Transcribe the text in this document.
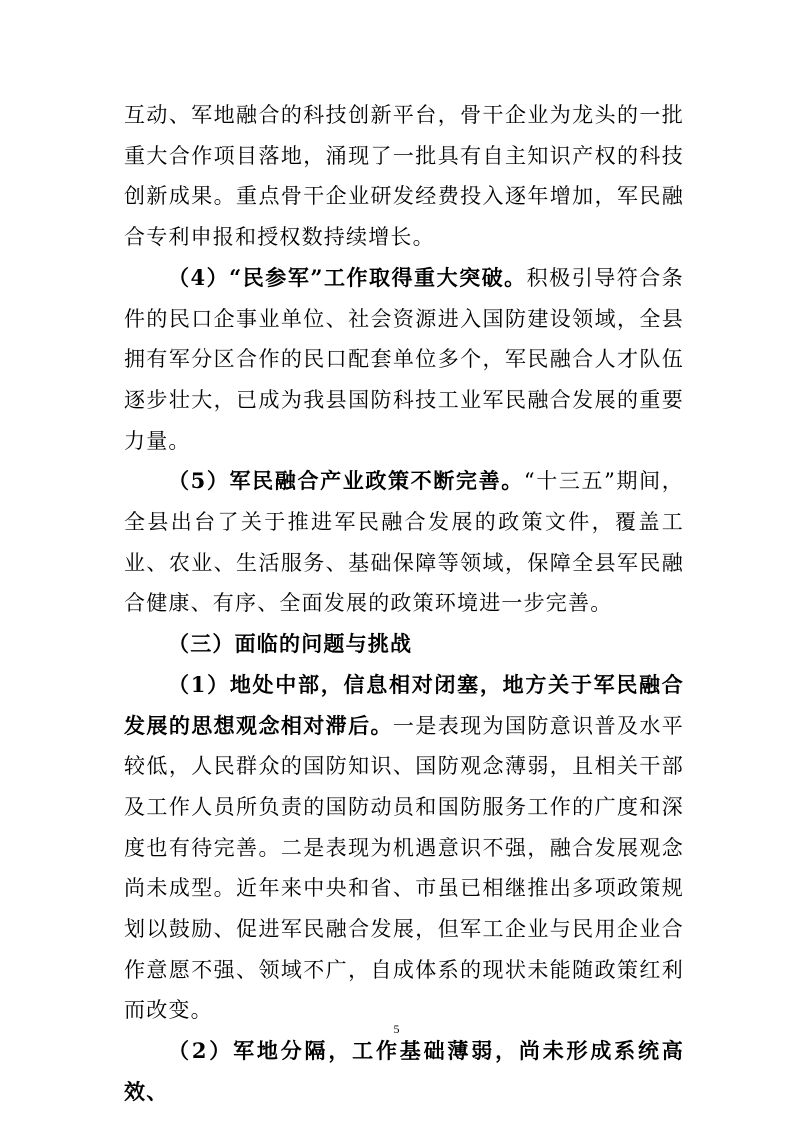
互动、军地融合的科技创新平台，骨干企业为龙头的一批重大合作项目落地，涌现了一批具有自主知识产权的科技创新成果。重点骨干企业研发经费投入逐年增加，军民融合专利申报和授权数持续增长。

（4）“民参军”工作取得重大突破。积极引导符合条件的民口企事业单位、社会资源进入国防建设领域，全县拥有军分区合作的民口配套单位多个，军民融合人才队伍逐步壮大，已成为我县国防科技工业军民融合发展的重要力量。

（5）军民融合产业政策不断完善。“十三五”期间，全县出台了关于推进军民融合发展的政策文件，覆盖工业、农业、生活服务、基础保障等领域，保障全县军民融合健康、有序、全面发展的政策环境进一步完善。

（三）面临的问题与挑战

（1）地处中部，信息相对闭塞，地方关于军民融合发展的思想观念相对滞后。一是表现为国防意识普及水平较低，人民群众的国防知识、国防观念薄弱，且相关干部及工作人员所负责的国防动员和国防服务工作的广度和深度也有待完善。二是表现为机遇意识不强，融合发展观念尚未成型。近年来中央和省、市虽已相继推出多项政策规划以鼓励、促进军民融合发展，但军工企业与民用企业合作意愿不强、领域不广，自成体系的现状未能随政策红利而改变。

（2）军地分隔，工作基础薄弱，尚未形成系统高效、

5
